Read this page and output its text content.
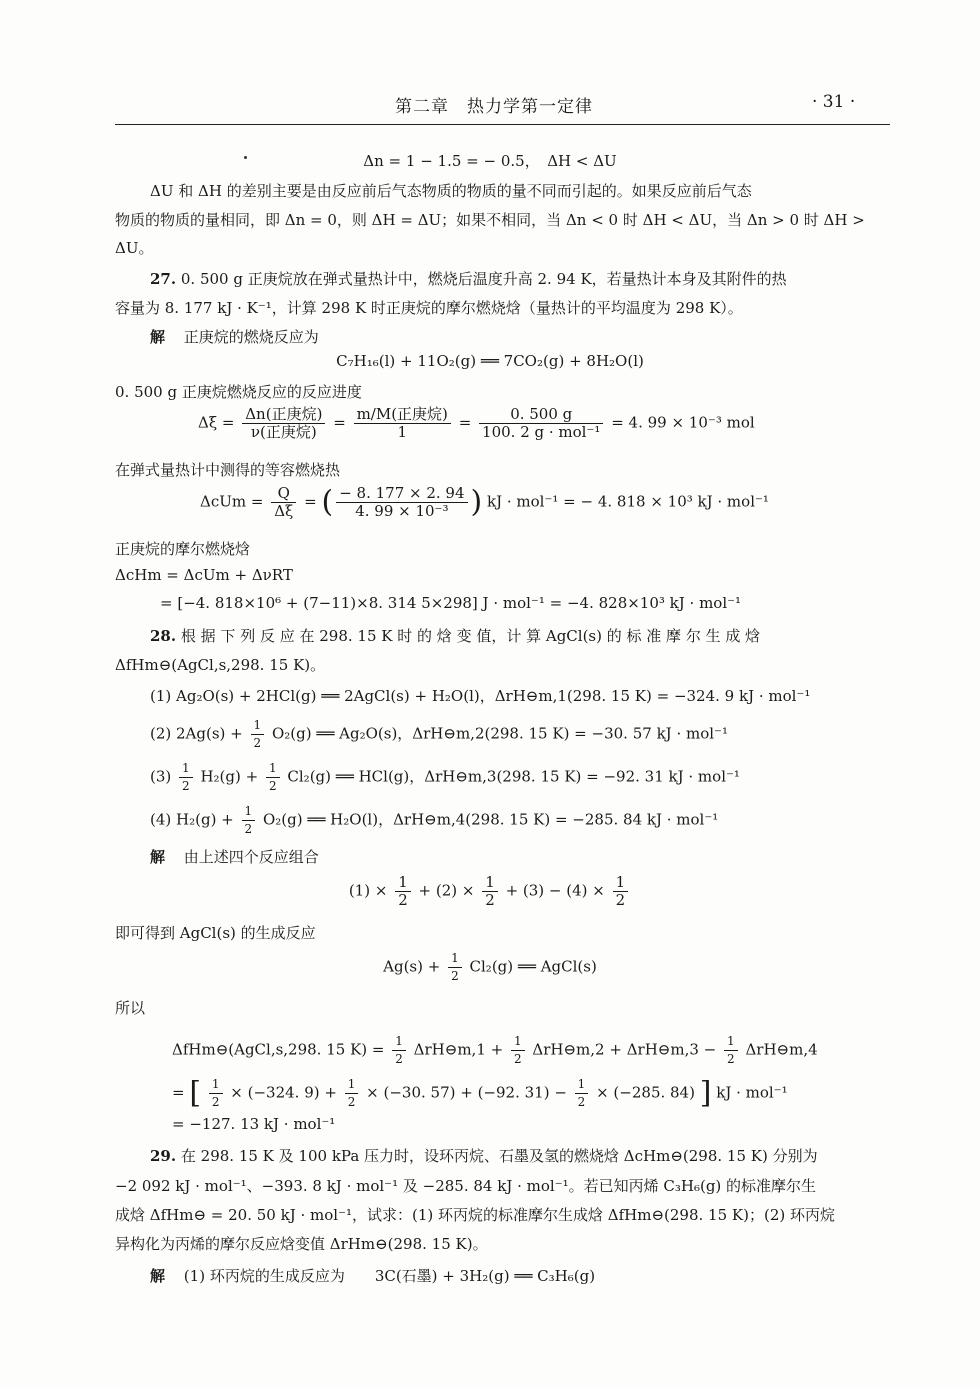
第二章　热力学第一定律	· 31 ·
Δn = 1 − 1.5 = − 0.5，　ΔH < ΔU
ΔU 和 ΔH 的差别主要是由反应前后气态物质的物质的量不同而引起的。如果反应前后气态
物质的物质的量相同，即 Δn = 0，则 ΔH = ΔU；如果不相同，当 Δn < 0 时 ΔH < ΔU，当 Δn > 0 时 ΔH >
ΔU。
27. 0. 500 g 正庚烷放在弹式量热计中，燃烧后温度升高 2. 94 K，若量热计本身及其附件的热
容量为 8. 177 kJ · K⁻¹，计算 298 K 时正庚烷的摩尔燃烧焓（量热计的平均温度为 298 K）。
解 正庚烷的燃烧反应为
C₇H₁₆(l) + 11O₂(g) ══ 7CO₂(g) + 8H₂O(l)
0. 500 g 正庚烷燃烧反应的反应进度
$\Delta\xi = \frac{\text{Δn(正庚烷)}}{\text{ν(正庚烷)}} = \frac{\text{m/M(正庚烷)}}{1} = \frac{0. 500 g}{\text{100. 2 g · mol⁻¹}} = 4$. 99 × 10⁻³ mol
在弹式量热计中测得的等容燃烧热
$\Delta cUm = \frac{Q}{\Delta\xi}$ = ( $\frac{- 8. 177 \times 2. 94}{\text{4. 99 × 10⁻³}}$ ) kJ · mol⁻¹ = − 4. 818 × 10³ kJ · mol⁻¹
正庚烷的摩尔燃烧焓
ΔcHm = ΔcUm + ΔνRT
= [−4. 818×10⁶ + (7−11)×8. 314 5×298] J · mol⁻¹ = −4. 828×10³ kJ · mol⁻¹
28. 根 据 下 列 反 应 在 298. 15 K 时 的 焓 变 值，计 算 AgCl(s) 的 标 准 摩 尔 生 成 焓
ΔfHm⊖(AgCl,s,298. 15 K)。
(1) Ag₂O(s) + 2HCl(g) ══ 2AgCl(s) + H₂O(l)，ΔrH⊖m,1(298. 15 K) = −324. 9 kJ · mol⁻¹
(2) $2Ag(s) + \frac{1}{2} O_2(g)$ ══ Ag₂O(s)，ΔrH⊖m,2(298. 15 K) = −30. 57 kJ · mol⁻¹
$(3) \frac{1}{2} H_2(g) + \frac{1}{2} Cl_2(g)$ ══ HCl(g)，ΔrH⊖m,3(298. 15 K) = −92. 31 kJ · mol⁻¹
(4) $H_2(g) + \frac{1}{2} O_2(g)$ ══ H₂O(l)，ΔrH⊖m,4(298. 15 K) = −285. 84 kJ · mol⁻¹
解 由上述四个反应组合
$(1) \times \frac{1}{2} + (2) \times \frac{1}{2} + (3) - (4) \times \frac{1}{2}$
即可得到 AgCl(s) 的生成反应
$Ag(s) + \frac{1}{2} Cl_2(g)$ ══ AgCl(s)
所以
ΔfHm⊖(AgCl,s,298. 15 $K) = \frac{1}{2}$ ΔrH⊖m,1 + $\frac{1}{2}$ ΔrH⊖m,2 + ΔrH⊖m,3 − $\frac{1}{2}$ ΔrH⊖m,4
= [ $\frac{1}{2} \times (-324$. $9) + \frac{1}{2} \times (-30$. 57) + (−92. $31) - \frac{1}{2} \times (-285$. 84) ] kJ · mol⁻¹
= −127. 13 kJ · mol⁻¹
29. 在 298. 15 K 及 100 kPa 压力时，设环丙烷、石墨及氢的燃烧焓 ΔcHm⊖(298. 15 K) 分别为
−2 092 kJ · mol⁻¹、−393. 8 kJ · mol⁻¹ 及 −285. 84 kJ · mol⁻¹。若已知丙烯 C₃H₆(g) 的标准摩尔生
成焓 ΔfHm⊖ = 20. 50 kJ · mol⁻¹，试求：(1) 环丙烷的标准摩尔生成焓 ΔfHm⊖(298. 15 K)；(2) 环丙烷
异构化为丙烯的摩尔反应焓变值 ΔrHm⊖(298. 15 K)。
解 (1) 环丙烷的生成反应为　　3C(石墨) + 3H₂(g) ══ C₃H₆(g)
